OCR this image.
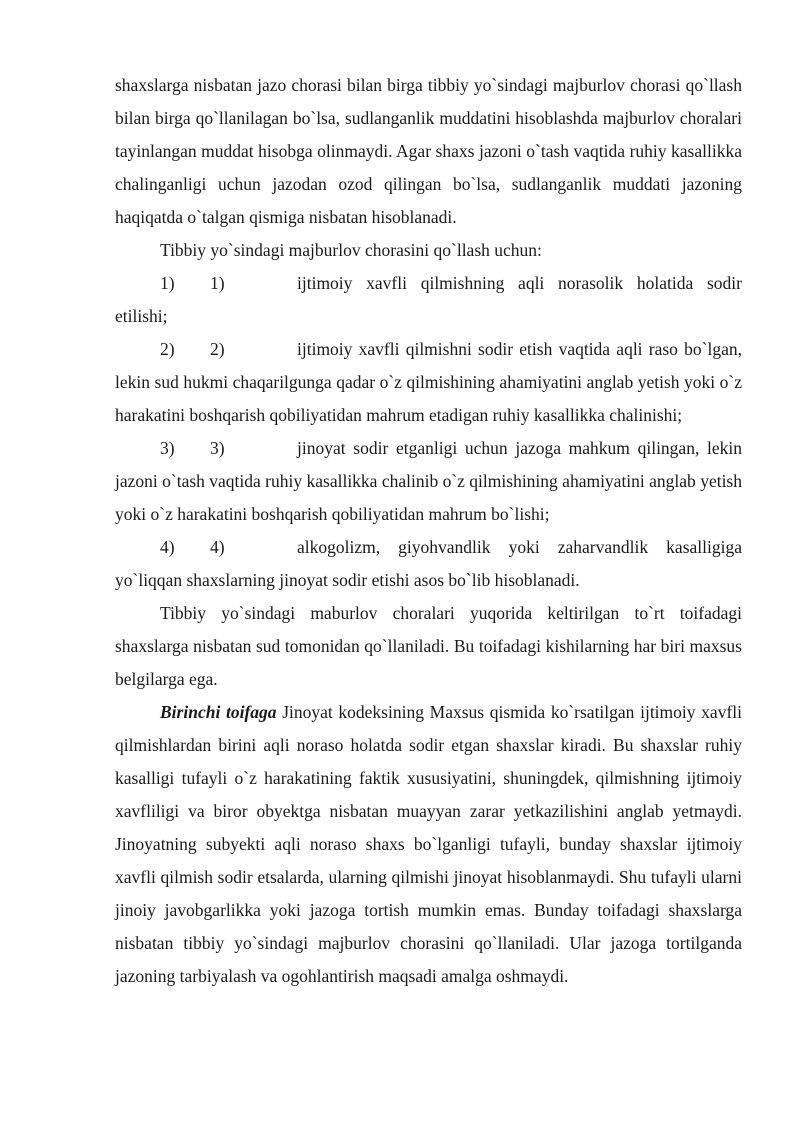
shaxslarga nisbatan jazo chorasi bilan birga tibbiy yo`sindagi majburlov chorasi qo`llash bilan birga qo`llanilagan bo`lsa, sudlanganlik muddatini hisoblashda majburlov choralari tayinlangan muddat hisobga olinmaydi. Agar shaxs jazoni o`tash vaqtida ruhiy kasallikka chalinganligi uchun jazodan ozod qilingan bo`lsa, sudlanganlik muddati jazoning haqiqatda o`talgan qismiga nisbatan hisoblanadi.

Tibbiy yo`sindagi majburlov chorasini qo`llash uchun:

1) 1)	ijtimoiy xavfli qilmishning aqli norasolik holatida sodir etilishi;

2) 2)	ijtimoiy xavfli qilmishni sodir etish vaqtida aqli raso bo`lgan, lekin sud hukmi chaqarilgunga qadar o`z qilmishining ahamiyatini anglab yetish yoki o`z harakatini boshqarish qobiliyatidan mahrum etadigan ruhiy kasallikka chalinishi;

3) 3)	jinoyat sodir etganligi uchun jazoga mahkum qilingan, lekin jazoni o`tash vaqtida ruhiy kasallikka chalinib o`z qilmishining ahamiyatini anglab yetish yoki o`z harakatini boshqarish qobiliyatidan mahrum bo`lishi;

4) 4)	alkogolizm, giyohvandlik yoki zaharvandlik kasalligiga yo`liqqan shaxslarning jinoyat sodir etishi asos bo`lib hisoblanadi.

Tibbiy yo`sindagi maburlov choralari yuqorida keltirilgan to`rt toifadagi shaxslarga nisbatan sud tomonidan qo`llaniladi. Bu toifadagi kishilarning har biri maxsus belgilarga ega.

Birinchi toifaga Jinoyat kodeksining Maxsus qismida ko`rsatilgan ijtimoiy xavfli qilmishlardan birini aqli noraso holatda sodir etgan shaxslar kiradi. Bu shaxslar ruhiy kasalligi tufayli o`z harakatining faktik xususiyatini, shuningdek, qilmishning ijtimoiy xavfliligi va biror obyektga nisbatan muayyan zarar yetkazilishini anglab yetmaydi. Jinoyatning subyekti aqli noraso shaxs bo`lganligi tufayli, bunday shaxslar ijtimoiy xavfli qilmish sodir etsalarda, ularning qilmishi jinoyat hisoblanmaydi. Shu tufayli ularni jinoiy javobgarlikka yoki jazoga tortish mumkin emas. Bunday toifadagi shaxslarga nisbatan tibbiy yo`sindagi majburlov chorasini qo`llaniladi. Ular jazoga tortilganda jazoning tarbiyalash va ogohlantirish maqsadi amalga oshmaydi.
